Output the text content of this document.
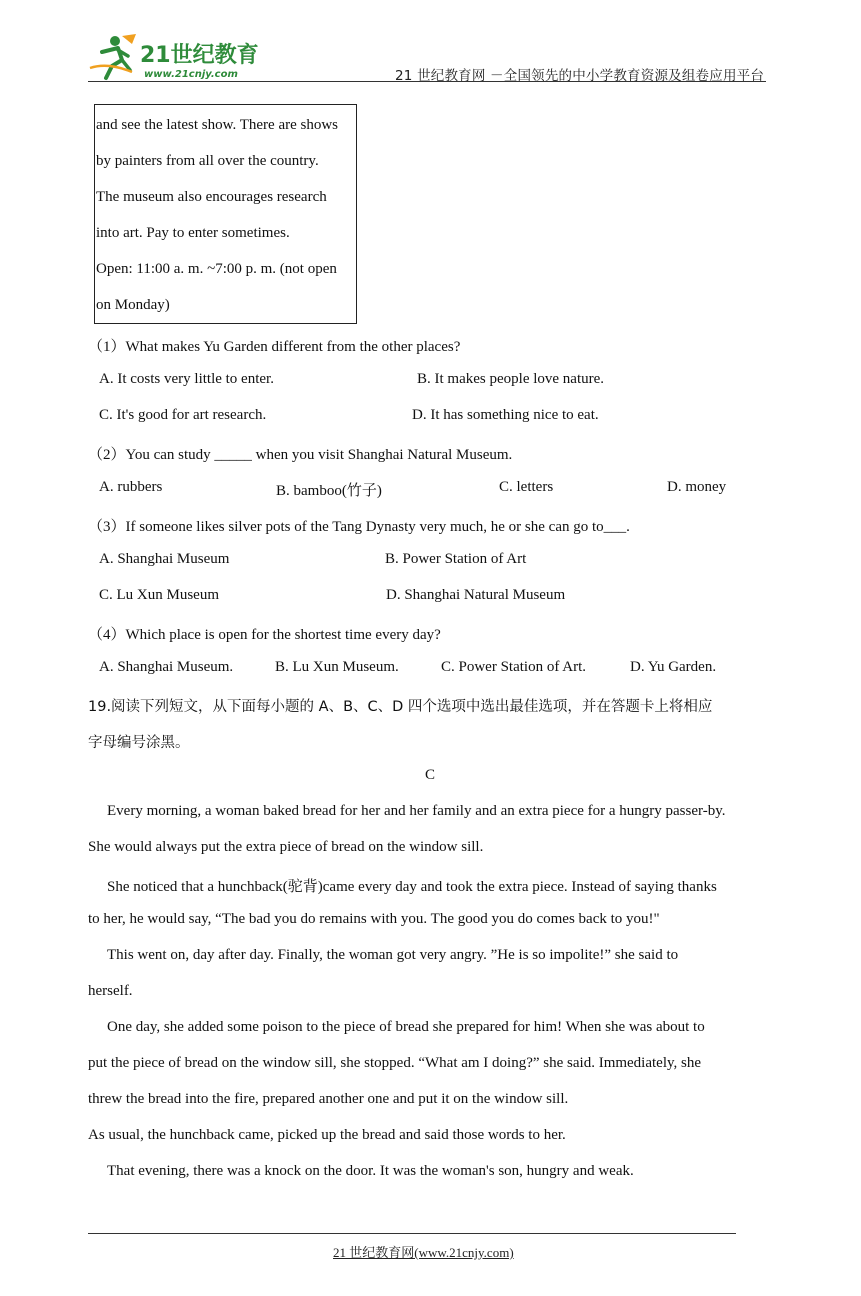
21世纪教育
www.21cnjy.com	21 世纪教育网 －全国领先的中小学教育资源及组卷应用平台
and see the latest show. There are shows
by painters from all over the country.
The museum also encourages research
into art. Pay to enter sometimes.
Open: 11:00 a. m. ~7:00 p. m. (not open
on Monday)
（1）What makes Yu Garden different from the other places?
A. It costs very little to enter.	B. It makes people love nature.
C. It's good for art research.	D. It has something nice to eat.
（2）You can study _____ when you visit Shanghai Natural Museum.
A. rubbers	B. bamboo(竹子)	C. letters	D. money
（3）If someone likes silver pots of the Tang Dynasty very much, he or she can go to___.
A. Shanghai Museum	B. Power Station of Art
C. Lu Xun Museum	D. Shanghai Natural Museum
（4）Which place is open for the shortest time every day?
A. Shanghai Museum.	B. Lu Xun Museum.	C. Power Station of Art.	D. Yu Garden.
19.阅读下列短文，从下面每小题的 A、B、C、D 四个选项中选出最佳选项，并在答题卡上将相应
字母编号涂黑。
C
Every morning, a woman baked bread for her and her family and an extra piece for a hungry passer-by.
She would always put the extra piece of bread on the window sill.
She noticed that a hunchback(驼背)came every day and took the extra piece. Instead of saying thanks
to her, he would say, “The bad you do remains with you. The good you do comes back to you!"
This went on, day after day. Finally, the woman got very angry. ”He is so impolite!” she said to
herself.
One day, she added some poison to the piece of bread she prepared for him! When she was about to
put the piece of bread on the window sill, she stopped. “What am I doing?” she said. Immediately, she
threw the bread into the fire, prepared another one and put it on the window sill.
As usual, the hunchback came, picked up the bread and said those words to her.
That evening, there was a knock on the door. It was the woman's son, hungry and weak.
21 世纪教育网(www.21cnjy.com)
